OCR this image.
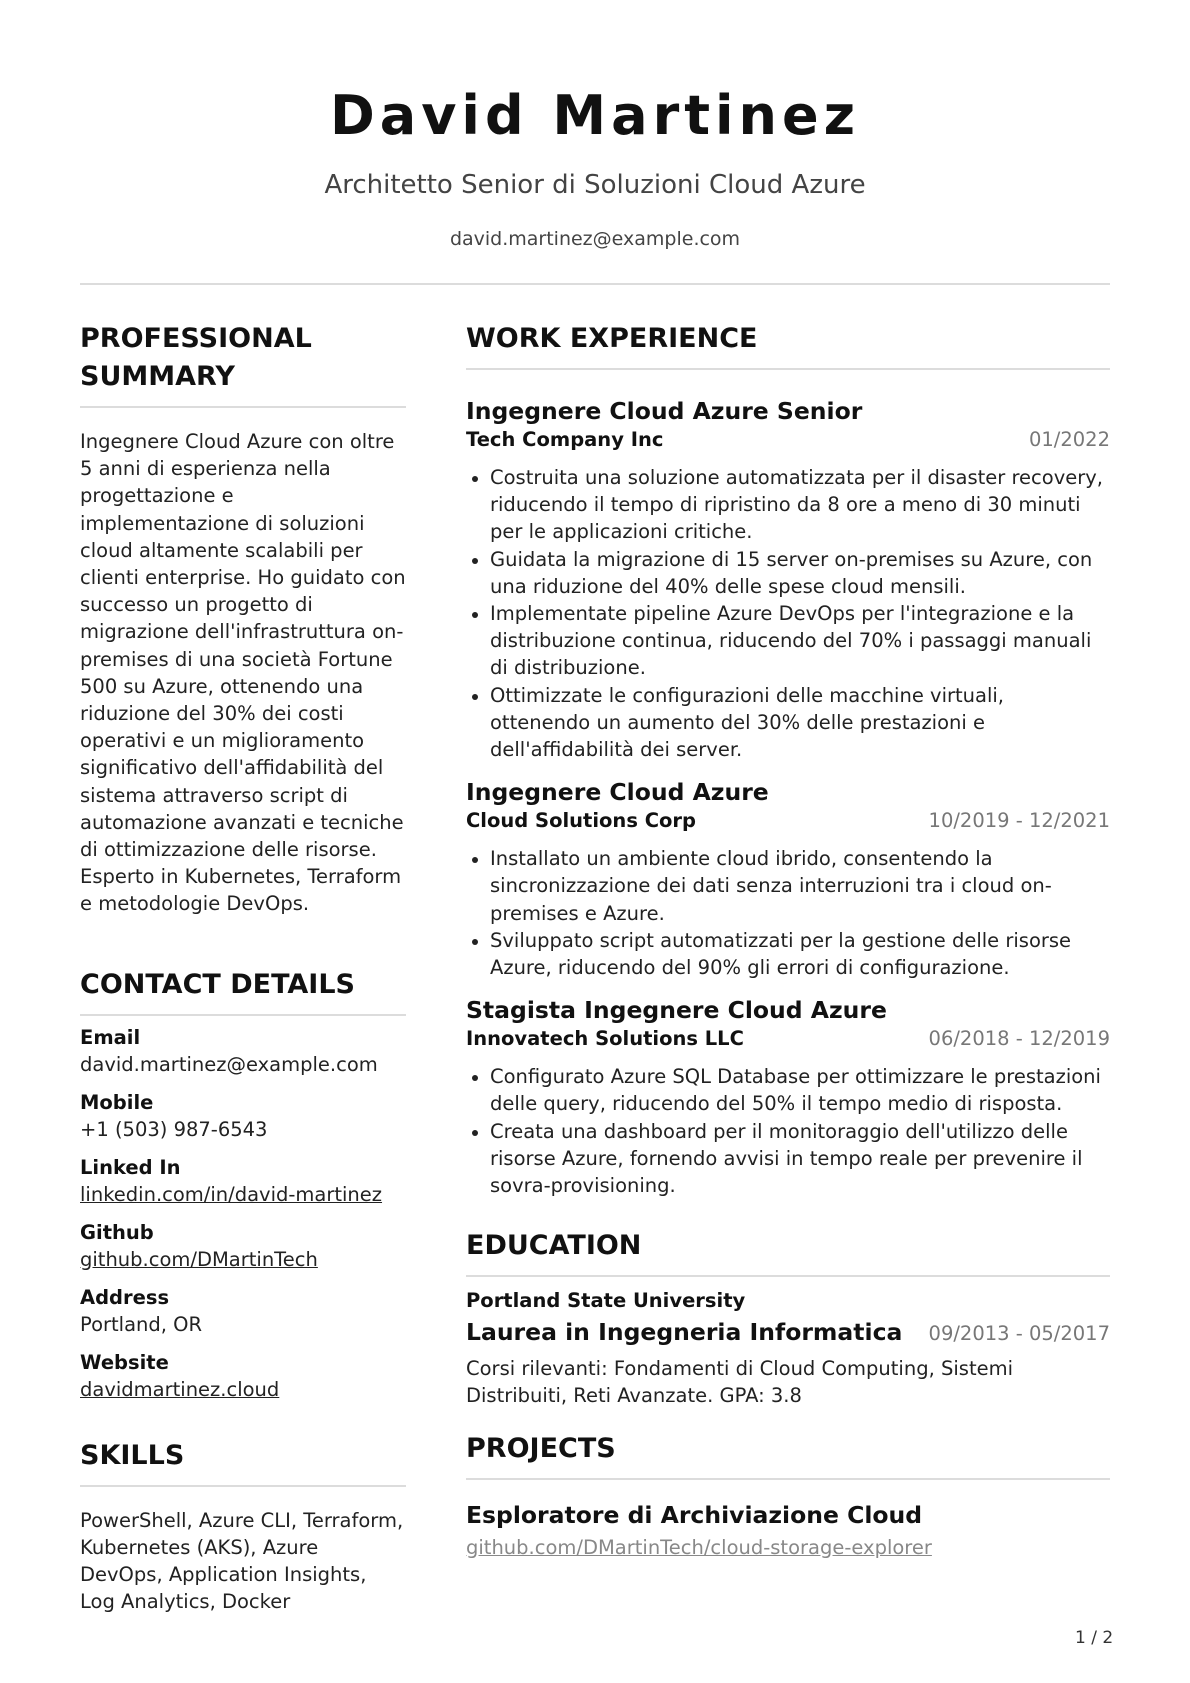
David Martinez
Architetto Senior di Soluzioni Cloud Azure
david.martinez@example.com
PROFESSIONAL SUMMARY
Ingegnere Cloud Azure con oltre 5 anni di esperienza nella progettazione e implementazione di soluzioni cloud altamente scalabili per clienti enterprise. Ho guidato con successo un progetto di migrazione dell'infrastruttura on-premises di una società Fortune 500 su Azure, ottenendo una riduzione del 30% dei costi operativi e un miglioramento significativo dell'affidabilità del sistema attraverso script di automazione avanzati e tecniche di ottimizzazione delle risorse. Esperto in Kubernetes, Terraform e metodologie DevOps.
CONTACT DETAILS
Email
david.martinez@example.com
Mobile
+1 (503) 987-6543
Linked In
linkedin.com/in/david-martinez
Github
github.com/DMartinTech
Address
Portland, OR
Website
davidmartinez.cloud
SKILLS
PowerShell, Azure CLI, Terraform, Kubernetes (AKS), Azure DevOps, Application Insights, Log Analytics, Docker
WORK EXPERIENCE
Ingegnere Cloud Azure Senior
Tech Company Inc	01/2022
Costruita una soluzione automatizzata per il disaster recovery, riducendo il tempo di ripristino da 8 ore a meno di 30 minuti per le applicazioni critiche.
Guidata la migrazione di 15 server on-premises su Azure, con una riduzione del 40% delle spese cloud mensili.
Implementate pipeline Azure DevOps per l'integrazione e la distribuzione continua, riducendo del 70% i passaggi manuali di distribuzione.
Ottimizzate le configurazioni delle macchine virtuali, ottenendo un aumento del 30% delle prestazioni e dell'affidabilità dei server.
Ingegnere Cloud Azure
Cloud Solutions Corp	10/2019 - 12/2021
Installato un ambiente cloud ibrido, consentendo la sincronizzazione dei dati senza interruzioni tra i cloud on-premises e Azure.
Sviluppato script automatizzati per la gestione delle risorse Azure, riducendo del 90% gli errori di configurazione.
Stagista Ingegnere Cloud Azure
Innovatech Solutions LLC	06/2018 - 12/2019
Configurato Azure SQL Database per ottimizzare le prestazioni delle query, riducendo del 50% il tempo medio di risposta.
Creata una dashboard per il monitoraggio dell'utilizzo delle risorse Azure, fornendo avvisi in tempo reale per prevenire il sovra-provisioning.
EDUCATION
Portland State University
Laurea in Ingegneria Informatica 09/2013 - 05/2017
Corsi rilevanti: Fondamenti di Cloud Computing, Sistemi Distribuiti, Reti Avanzate. GPA: 3.8
PROJECTS
Esploratore di Archiviazione Cloud
github.com/DMartinTech/cloud-storage-explorer
1 / 2
